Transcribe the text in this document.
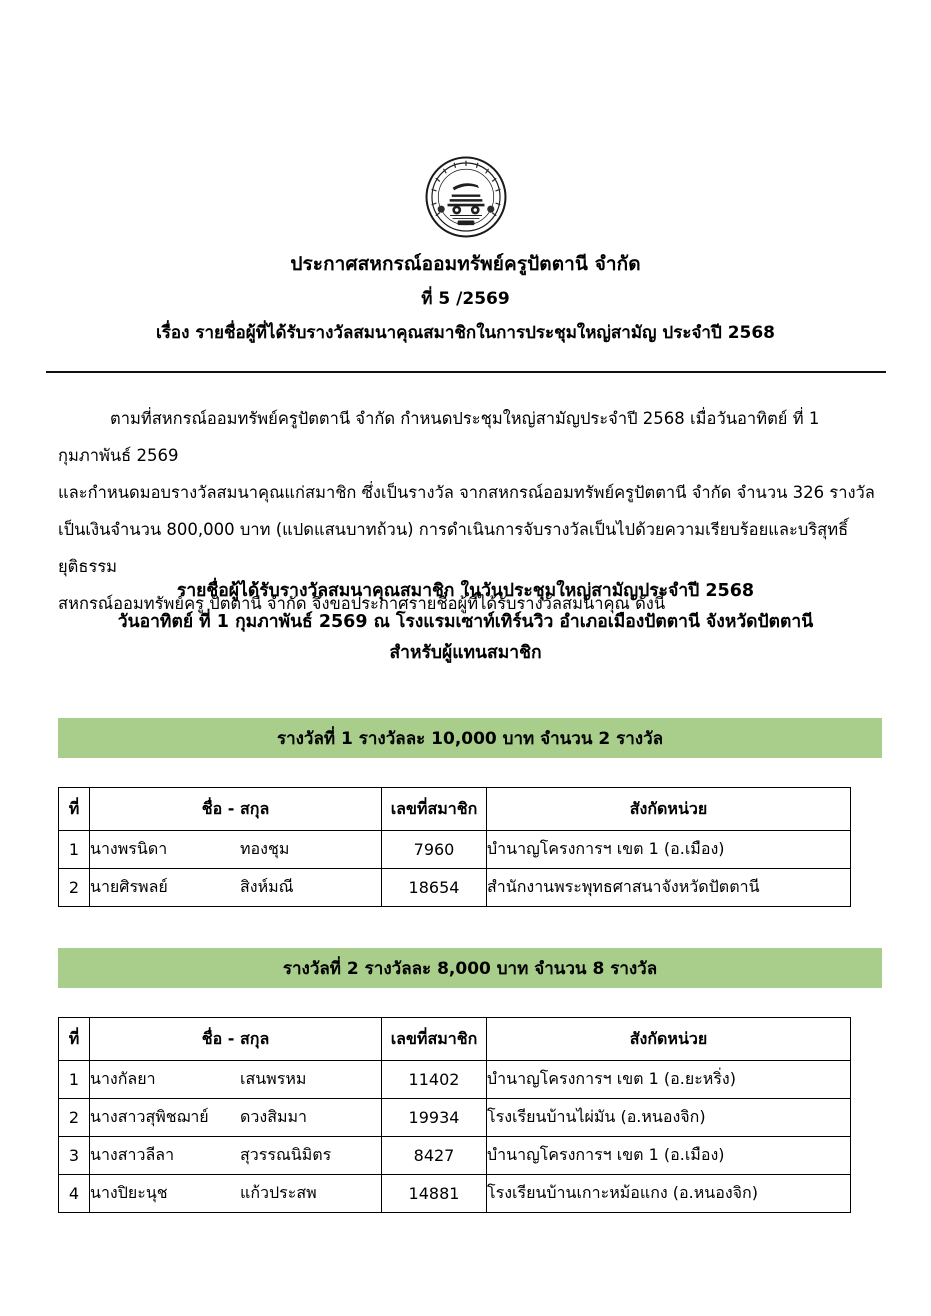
ประกาศสหกรณ์ออมทรัพย์ครูปัตตานี จำกัด
ที่ 5 /2569
เรื่อง รายชื่อผู้ที่ได้รับรางวัลสมนาคุณสมาชิกในการประชุมใหญ่สามัญ ประจำปี 2568

ตามที่สหกรณ์ออมทรัพย์ครูปัตตานี จำกัด กำหนดประชุมใหญ่สามัญประจำปี 2568 เมื่อวันอาทิตย์ ที่ 1 กุมภาพันธ์ 2569

และกำหนดมอบรางวัลสมนาคุณแก่สมาชิก ซึ่งเป็นรางวัล จากสหกรณ์ออมทรัพย์ครูปัตตานี จำกัด จำนวน 326 รางวัล

เป็นเงินจำนวน 800,000 บาท (แปดแสนบาทถ้วน) การดำเนินการจับรางวัลเป็นไปด้วยความเรียบร้อยและบริสุทธิ์ยุติธรรม

สหกรณ์ออมทรัพย์ครู ปัตตานี จำกัด จึงขอประกาศรายชื่อผู้ที่ได้รับรางวัลสมนาคุณ ดังนี้

รายชื่อผู้ได้รับรางวัลสมนาคุณสมาชิก ในวันประชุมใหญ่สามัญประจำปี 2568
วันอาทิตย์ ที่ 1 กุมภาพันธ์ 2569 ณ โรงแรมเซาท์เทิร์นวิว อำเภอเมืองปัตตานี จังหวัดปัตตานี
สำหรับผู้แทนสมาชิก
รางวัลที่ 1 รางวัลละ 10,000 บาท จำนวน 2 รางวัล
ที่	ชื่อ - สกุล	เลขที่สมาชิก	สังกัดหน่วย
1	นางพรนิดา ทองชุม	7960	บำนาญโครงการฯ เขต 1 (อ.เมือง)
2	นายศิรพลย์ สิงห์มณี	18654	สำนักงานพระพุทธศาสนาจังหวัดปัตตานี
รางวัลที่ 2 รางวัลละ 8,000 บาท จำนวน 8 รางวัล
ที่	ชื่อ - สกุล	เลขที่สมาชิก	สังกัดหน่วย
1	นางกัลยา เสนพรหม	11402	บำนาญโครงการฯ เขต 1 (อ.ยะหริ่ง)
2	นางสาวสุพิชฌาย์ ดวงสิมมา	19934	โรงเรียนบ้านไผ่มัน (อ.หนองจิก)
3	นางสาวลีลา สุวรรณนิมิตร	8427	บำนาญโครงการฯ เขต 1 (อ.เมือง)
4	นางปิยะนุช แก้วประสพ	14881	โรงเรียนบ้านเกาะหม้อแกง (อ.หนองจิก)
